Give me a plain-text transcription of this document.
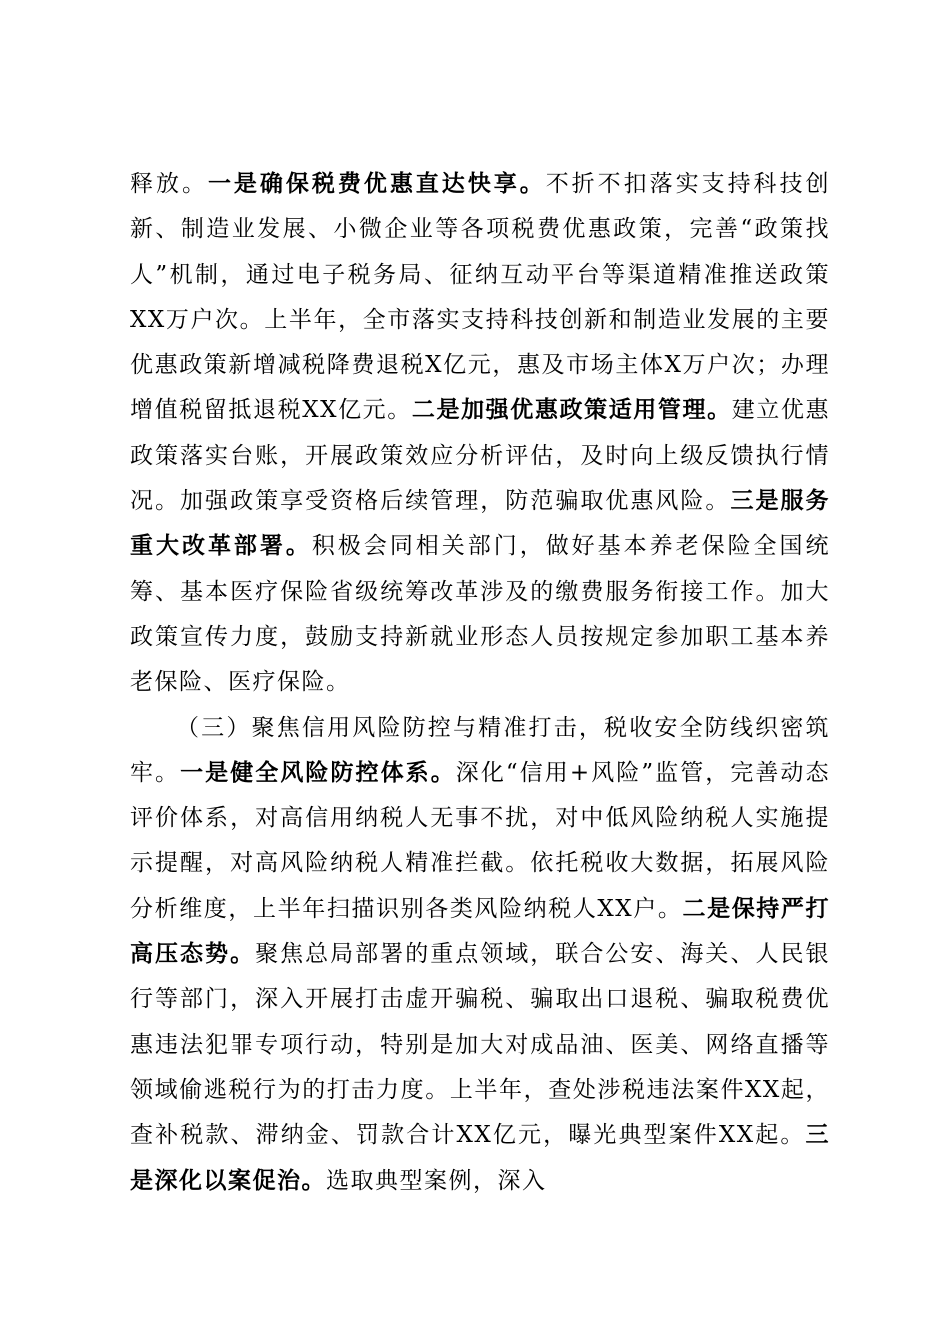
释放。一是确保税费优惠直达快享。不折不扣落实支持科技创新、制造业发展、小微企业等各项税费优惠政策，完善“政策找人”机制，通过电子税务局、征纳互动平台等渠道精准推送政策XX万户次。上半年，全市落实支持科技创新和制造业发展的主要优惠政策新增减税降费退税X亿元，惠及市场主体X万户次；办理增值税留抵退税XX亿元。二是加强优惠政策适用管理。建立优惠政策落实台账，开展政策效应分析评估，及时向上级反馈执行情况。加强政策享受资格后续管理，防范骗取优惠风险。三是服务重大改革部署。积极会同相关部门，做好基本养老保险全国统筹、基本医疗保险省级统筹改革涉及的缴费服务衔接工作。加大政策宣传力度，鼓励支持新就业形态人员按规定参加职工基本养老保险、医疗保险。

（三）聚焦信用风险防控与精准打击，税收安全防线织密筑牢。一是健全风险防控体系。深化“信用+风险”监管，完善动态评价体系，对高信用纳税人无事不扰，对中低风险纳税人实施提示提醒，对高风险纳税人精准拦截。依托税收大数据，拓展风险分析维度，上半年扫描识别各类风险纳税人XX户。二是保持严打高压态势。聚焦总局部署的重点领域，联合公安、海关、人民银行等部门，深入开展打击虚开骗税、骗取出口退税、骗取税费优惠违法犯罪专项行动，特别是加大对成品油、医美、网络直播等领域偷逃税行为的打击力度。上半年，查处涉税违法案件XX起，查补税款、滞纳金、罚款合计XX亿元，曝光典型案件XX起。三是深化以案促治。选取典型案例，深入
